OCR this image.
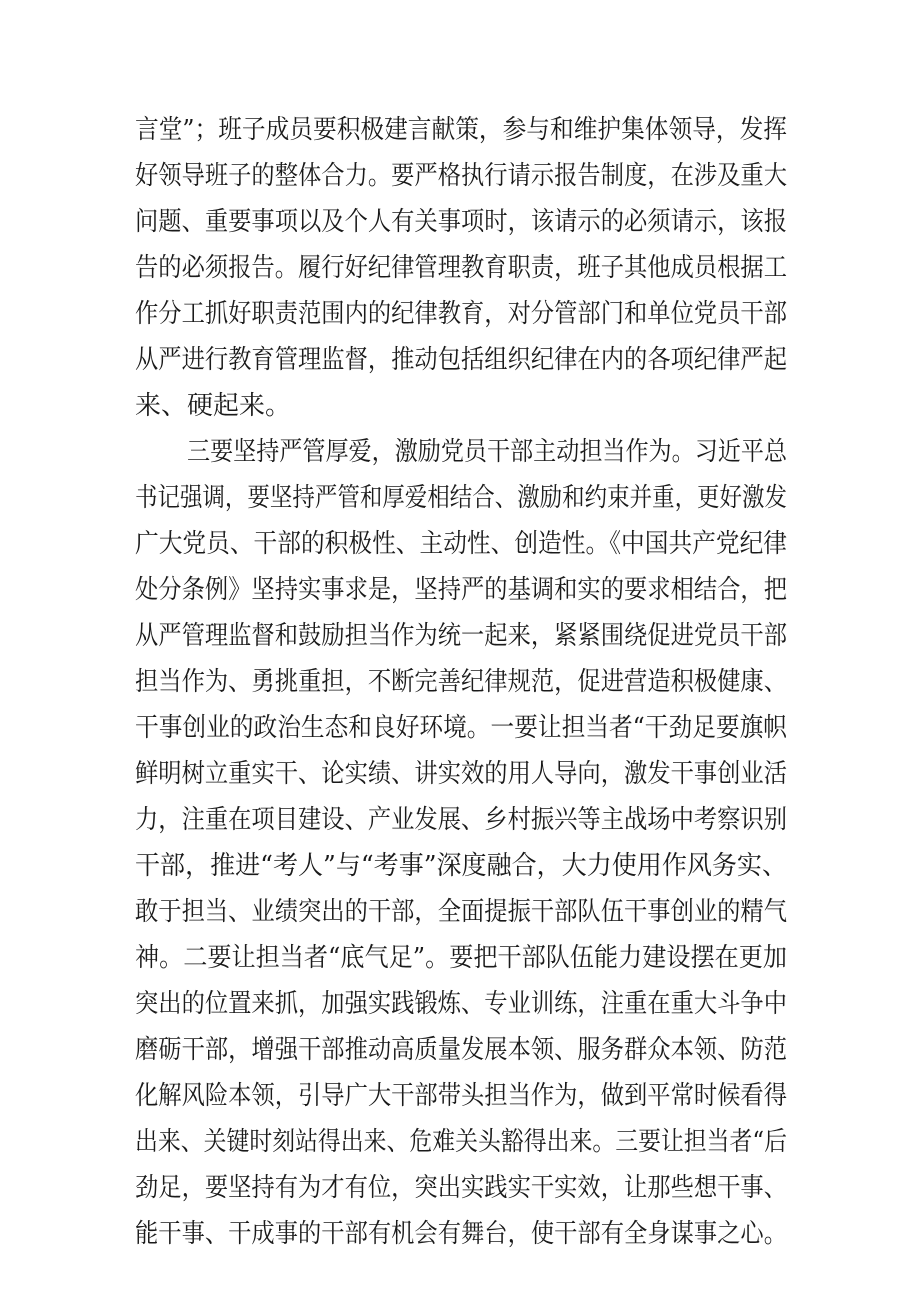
言堂”；班子成员要积极建言献策，参与和维护集体领导，发挥
好领导班子的整体合力。要严格执行请示报告制度，在涉及重大
问题、重要事项以及个人有关事项时，该请示的必须请示，该报
告的必须报告。履行好纪律管理教育职责，班子其他成员根据工
作分工抓好职责范围内的纪律教育，对分管部门和单位党员干部
从严进行教育管理监督，推动包括组织纪律在内的各项纪律严起
来、硬起来。
三要坚持严管厚爱，激励党员干部主动担当作为。习近平总
书记强调，要坚持严管和厚爱相结合、激励和约束并重，更好激发
广大党员、干部的积极性、主动性、创造性。《中国共产党纪律
处分条例》坚持实事求是，坚持严的基调和实的要求相结合，把
从严管理监督和鼓励担当作为统一起来，紧紧围绕促进党员干部
担当作为、勇挑重担，不断完善纪律规范，促进营造积极健康、
干事创业的政治生态和良好环境。一要让担当者“干劲足要旗帜
鲜明树立重实干、论实绩、讲实效的用人导向，激发干事创业活
力，注重在项目建设、产业发展、乡村振兴等主战场中考察识别
干部，推进“考人”与“考事”深度融合，大力使用作风务实、
敢于担当、业绩突出的干部，全面提振干部队伍干事创业的精气
神。二要让担当者“底气足”。要把干部队伍能力建设摆在更加
突出的位置来抓，加强实践锻炼、专业训练，注重在重大斗争中
磨砺干部，增强干部推动高质量发展本领、服务群众本领、防范
化解风险本领，引导广大干部带头担当作为，做到平常时候看得
出来、关键时刻站得出来、危难关头豁得出来。三要让担当者“后
劲足，要坚持有为才有位，突出实践实干实效，让那些想干事、
能干事、干成事的干部有机会有舞台，使干部有全身谋事之心。
